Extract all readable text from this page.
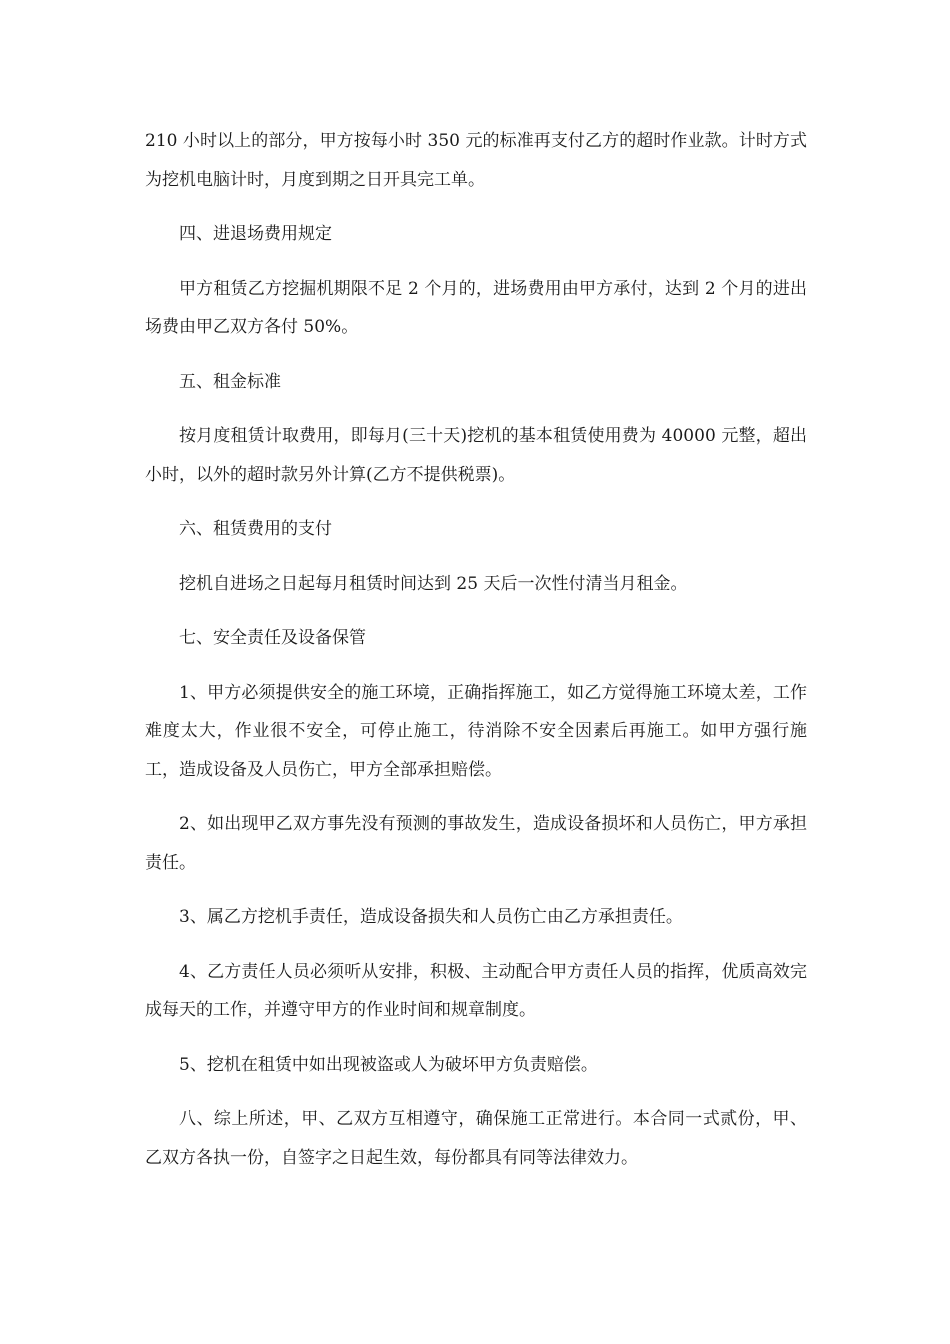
210 小时以上的部分，甲方按每小时 350 元的标准再支付乙方的超时作业款。计时方式为挖机电脑计时，月度到期之日开具完工单。

四、进退场费用规定

甲方租赁乙方挖掘机期限不足 2 个月的，进场费用由甲方承付，达到 2 个月的进出场费由甲乙双方各付 50%。

五、租金标准

按月度租赁计取费用，即每月(三十天)挖机的基本租赁使用费为 40000 元整，超出小时，以外的超时款另外计算(乙方不提供税票)。

六、租赁费用的支付

挖机自进场之日起每月租赁时间达到 25 天后一次性付清当月租金。

七、安全责任及设备保管

1、甲方必须提供安全的施工环境，正确指挥施工，如乙方觉得施工环境太差，工作难度太大，作业很不安全，可停止施工，待消除不安全因素后再施工。如甲方强行施工，造成设备及人员伤亡，甲方全部承担赔偿。

2、如出现甲乙双方事先没有预测的事故发生，造成设备损坏和人员伤亡，甲方承担责任。

3、属乙方挖机手责任，造成设备损失和人员伤亡由乙方承担责任。

4、乙方责任人员必须听从安排，积极、主动配合甲方责任人员的指挥，优质高效完成每天的工作，并遵守甲方的作业时间和规章制度。

5、挖机在租赁中如出现被盗或人为破坏甲方负责赔偿。

八、综上所述，甲、乙双方互相遵守，确保施工正常进行。本合同一式贰份，甲、乙双方各执一份，自签字之日起生效，每份都具有同等法律效力。
